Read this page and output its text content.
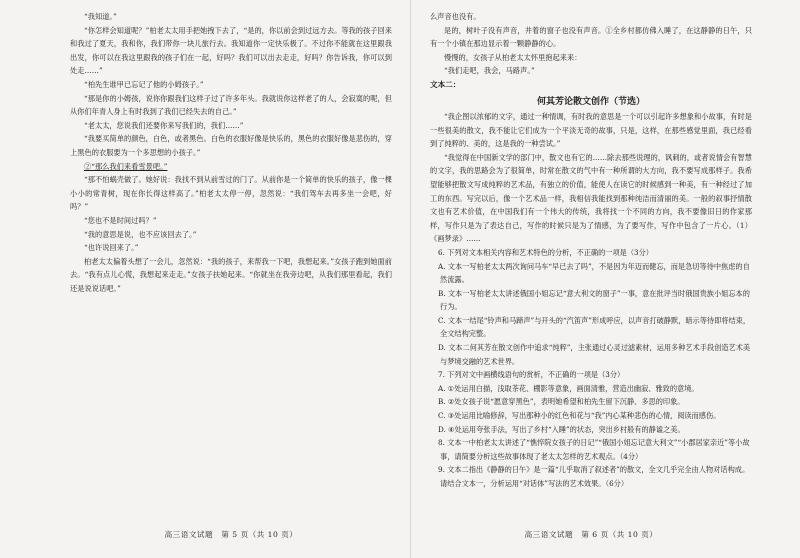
“我知道。”

“你怎样会知道呢？”柏老太太用手把她拽下去了，“是的，你以前会到过远方去。等我的孩子回来和我过了夏天，我和你，我们带你一块儿旅行去。我知道你一定快乐极了。不过你不能就在这里跟我出发，你可以在我这里跟我的孩子们在一起，好吗？我们可以出去走走，好吗？你告诉我，你可以到处走……”

“柏先生谁甲已忘记了他的小姆孩子。”

“那是你的小姆孩，说你你跟我们这样子过了许多年头。我就说你这样老了的人，会寂寞的呢，但从你们年青人身上有时我到了我们已经失去的自己。”

“老太太，您说我们还要你来写我们的，我们……”

“我要买简单的颜色，白色，或者黑色。白色的衣服好像是快乐的，黑色的衣服好像是悲伤的，穿上黑色的衣服要为一个多思想的小孩子。”

②“那么我们来看雪景吧。”

“那不怕蜗壳做了。她好说：我找不到从前雪过的门了。从前你是一个简单的快乐的孩子，像一棵小小的常青树，现在你长得这样高了。”柏老太太停一停，忽然说：“我们驾车去再多坐一会吧，好吗？”

“您也不是时间过吗？”

“我的意思是说，也不应该回去了。”

“也许说回来了。”

柏老太太偏着头想了一会儿，忽然说：“我的孩子，来帮我一下吧，我想起来。”女孩子跑到她面前去。“我有点儿心慌，我想起来走走。”女孩子扶她起来。“你就坐在我旁边吧，从我们那里看起，我们还是说说话吧。”

高三语文试题　第 5 页（共 10 页）

么声音也没有。

是的，树叶子没有声音，井着的窗子也没有声音。①全乡村都仿佛入睡了，在这静静的日午，只有一个小镇在那边显示着一颗静静的心。

慢慢的，女孩子从柏老太太怀里抱起来来：

“我们走吧，我会，马路声。”

文本二：

何其芳论散文创作（节选）

“我企图以浓郁的文字，通过一种情调，有时我的意思是一个可以引起许多想象和小故事，有时是一些很美的散文，我不能让它们成为一个平淡无奇的故事，只是，这样，在那些感觉里面，我已经看到了纯粹的、美的，这是我的一种尝试。”

“我觉得在中国新文学的部门中，散文也有它的……除去那些说理的，讽刺的，或者说情会有智慧的文字，我的思路会为了很简单，时常在散文的气中有一种所谓的大方向，我不要写成那样子。我希望能够把散文写成纯粹的艺术品，有独立的价值，能使人在读它的时候感到一种美，有一种经过了加工的东西。写完以后，像一个艺术品一样，我相信我能找到那种纯洁而清丽的美。一般的叙事抒情散文也有艺术价值，在中国我们有一个伟大的传统，我将找一个不同的方向，我不要像旧日的作家那样，写作只是为了表达自己，写作的时候只是为了情感，为了要写作，写作中包含了一片心。（1）《画梦录》……

6. 下列对文本相关内容和艺术特色的分析，不正确的一项是（3分）

A. 文本一写柏老太太两次询问马车“早已去了吗”，不是因为年迈而健忘，而是急切等待中焦虑的自然流露。

B. 文本一写柏老太太讲述俄国小姐忘记“意大利文的窗子”一事，意在批评当时俄国贵族小姐忘本的行为。

C. 文本一结尾“铃声和马蹄声”与开头的“汽笛声”形成呼应，以声音打破静默，暗示等待即将结束，全文结构完整。

D. 文本二何其芳在散文创作中追求“纯粹”，主张通过心灵过滤素材，运用多种艺术手段创造艺术美与梦境交融的艺术世界。

7. 下列对文中画横线语句的赏析，不正确的一项是（3分）

A. ①处运用白描，浅取茶花、棚影等意象，画面清雅，营造出幽寂、雅致的意境。

B. ②处女孩子说“愿意穿黑色”，表明她希望和柏先生留下沉静、多思的印象。

C. ③处运用比喻修辞，写出那种小的红色和花与“我”内心某种悲伤的心情，阅读而感伤。

D. ④处运用夸张手法，写出了乡村“入睡”的状态，突出乡村般有的静谧之美。

8. 文本一中柏老太太讲述了“憔悴院女孩子的日记”“俄国小姐忘记意大利文”“小郡居家亲近”等小故事，请简要分析这些故事体现了老太太怎样的艺术观点。（4分）

9. 文本二指出《静静的日午》是一篇“儿乎取消了叙述者”的散文，全文几乎完全由人物对话构成。请结合文本一，分析运用“对话体”写法的艺术效果。（6分）

高三语文试题　第 6 页（共 10 页）
